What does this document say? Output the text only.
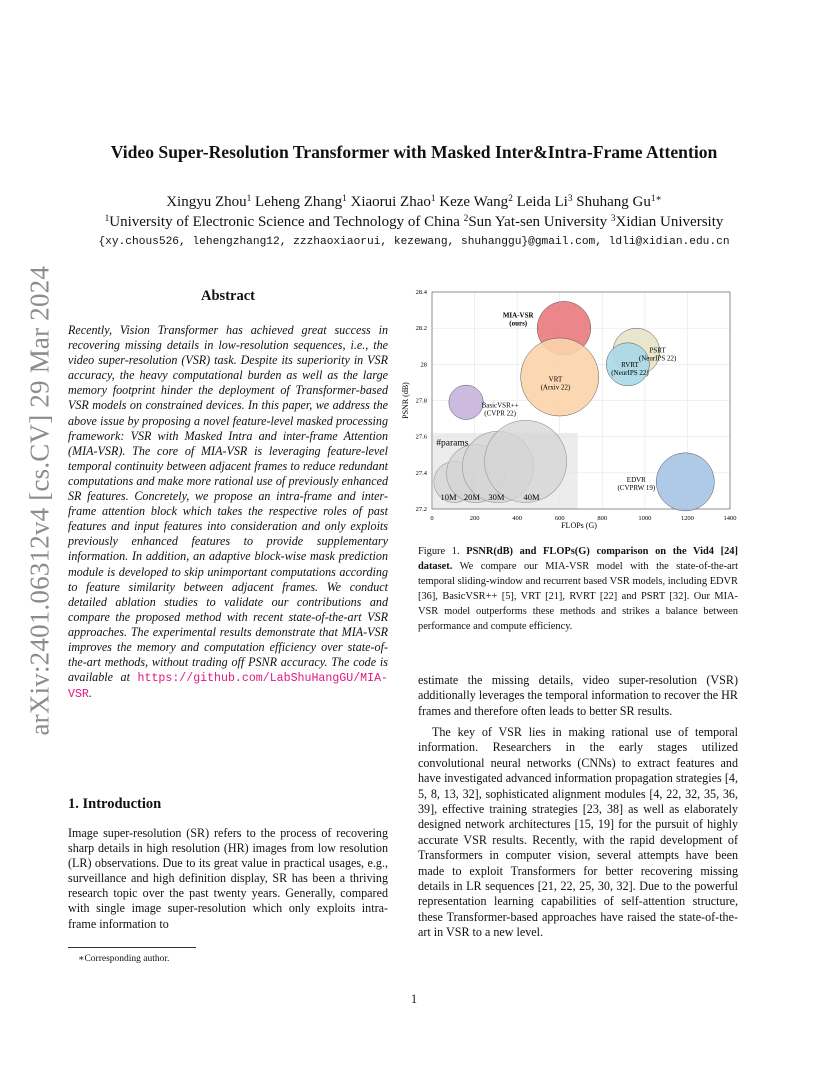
arXiv:2401.06312v4 [cs.CV] 29 Mar 2024
Video Super-Resolution Transformer with Masked Inter&Intra-Frame Attention
Xingyu Zhou$^1$ Leheng Zhang$^1$ Xiaorui Zhao$^1$ Keze Wang$^2$ Leida Li$^3$ Shuhang $Gu^{1∗}$
$^1$University of Electronic Science and Technology of China $^2$Sun Yat-sen University $^3$Xidian University
{xy.chous526, lehengzhang12, zzzhaoxiaorui, kezewang, shuhanggu}@gmail.com, ldli@xidian.edu.cn
Abstract

Recently, Vision Transformer has achieved great success in recovering missing details in low-resolution sequences, i.e., the video super-resolution (VSR) task. Despite its superiority in VSR accuracy, the heavy computational burden as well as the large memory footprint hinder the deployment of Transformer-based VSR models on constrained devices. In this paper, we address the above issue by proposing a novel feature-level masked processing framework: VSR with Masked Intra and inter-frame Attention (MIA-VSR). The core of MIA-VSR is leveraging feature-level temporal continuity between adjacent frames to reduce redundant computations and make more rational use of previously enhanced SR features. Concretely, we propose an intra-frame and inter-frame attention block which takes the respective roles of past features and input features into consideration and only exploits previously enhanced features to provide supplementary information. In addition, an adaptive block-wise mask prediction module is developed to skip unimportant computations according to feature similarity between adjacent frames. We conduct detailed ablation studies to validate our contributions and compare the proposed method with recent state-of-the-art VSR approaches. The experimental results demonstrate that MIA-VSR improves the memory and computation efficiency over state-of-the-art methods, without trading off PSNR accuracy. The code is available at https://github.com/LabShuHangGU/MIA-VSR.

1. Introduction

Image super-resolution (SR) refers to the process of recovering sharp details in high resolution (HR) images from low resolution (LR) observations. Due to its great value in practical usages, e.g., surveillance and high definition display, SR has been a thriving research topic over the past twenty years. Generally, compared with single image super-resolution which only exploits intra-frame information to

∗Corresponding author.
1
0	200	400	600	800	1000	1200	1400
27.2
27.4
27.6
27.8
28
28.2
28.4
FLOPs (G)
PSNR (dB)
#params
10M 20M 30M 40M
MIA-VSR
(ours)
VRT
(Arxiv 22)
PSRT
(NeurIPS 22)
RVRT
(NeurIPS 22)
BasicVSR++
(CVPR 22)
EDVR
(CVPRW 19)

Figure 1. PSNR(dB) and FLOPs(G) comparison on the Vid4 [24] dataset. We compare our MIA-VSR model with the state-of-the-art temporal sliding-window and recurrent based VSR models, including EDVR [36], BasicVSR++ [5], VRT [21], RVRT [22] and PSRT [32]. Our MIA-VSR model outperforms these methods and strikes a balance between performance and compute efficiency.

estimate the missing details, video super-resolution (VSR) additionally leverages the temporal information to recover the HR frames and therefore often leads to better SR results.

The key of VSR lies in making rational use of temporal information. Researchers in the early stages utilized convolutional neural networks (CNNs) to extract features and have investigated advanced information propagation strategies [4, 5, 8, 13, 32], sophisticated alignment modules [4, 22, 32, 35, 36, 39], effective training strategies [23, 38] as well as elaborately designed network architectures [15, 19] for the pursuit of highly accurate VSR results. Recently, with the rapid development of Transformers in computer vision, several attempts have been made to exploit Transformers for better recovering missing details in LR sequences [21, 22, 25, 30, 32]. Due to the powerful representation learning capabilities of self-attention structure, these Transformer-based approaches have raised the state-of-the-art in VSR to a new level.
